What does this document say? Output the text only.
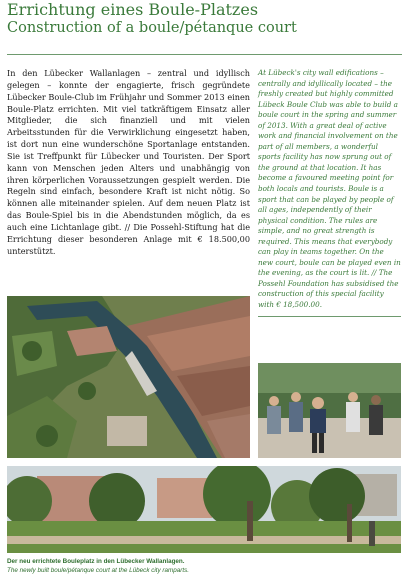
Errichtung eines Boule-Platzes
Construction of a boule/pétanque court
In den Lübecker Wallanlagen – zentral und idyllisch gelegen – konnte der engagierte, frisch gegründete Lübecker Boule-Club im Frühjahr und Sommer 2013 einen Boule-Platz errichten. Mit viel tatkräftigem Einsatz aller Mitglieder, die sich finanziell und mit vielen Arbeitsstunden für die Verwirklichung eingesetzt haben, ist dort nun eine wunderschöne Sportanlage entstanden. Sie ist Treffpunkt für Lübecker und Touristen. Der Sport kann von Menschen jeden Alters und unabhängig von ihren körperlichen Voraussetzungen gespielt werden. Die Regeln sind einfach, besondere Kraft ist nicht nötig. So können alle miteinander spielen. Auf dem neuen Platz ist das Boule-Spiel bis in die Abendstunden möglich, da es auch eine Lichtanlage gibt. // Die Possehl-Stiftung hat die Errichtung dieser besonderen Anlage mit € 18.500,00 unterstützt.
At Lübeck's city wall edifications – centrally and idyllically located – the freshly created but highly committed Lübeck Boule Club was able to build a boule court in the spring and summer of 2013. With a great deal of active work and financial involvement on the part of all members, a wonderful sports facility has now sprung out of the ground at that location. It has become a favoured meeting point for both locals and tourists. Boule is a sport that can be played by people of all ages, independently of their physical condition. The rules are simple, and no great strength is required. This means that everybody can play in teams together. On the new court, boule can be played even in the evening, as the court is lit. // The Possehl Foundation has subsidised the construction of this special facility with € 18,500.00.
Der neu errichtete Bouleplatz in den Lübecker Wallanlagen.
The newly built boule/pétanque court at the Lübeck city ramparts.
